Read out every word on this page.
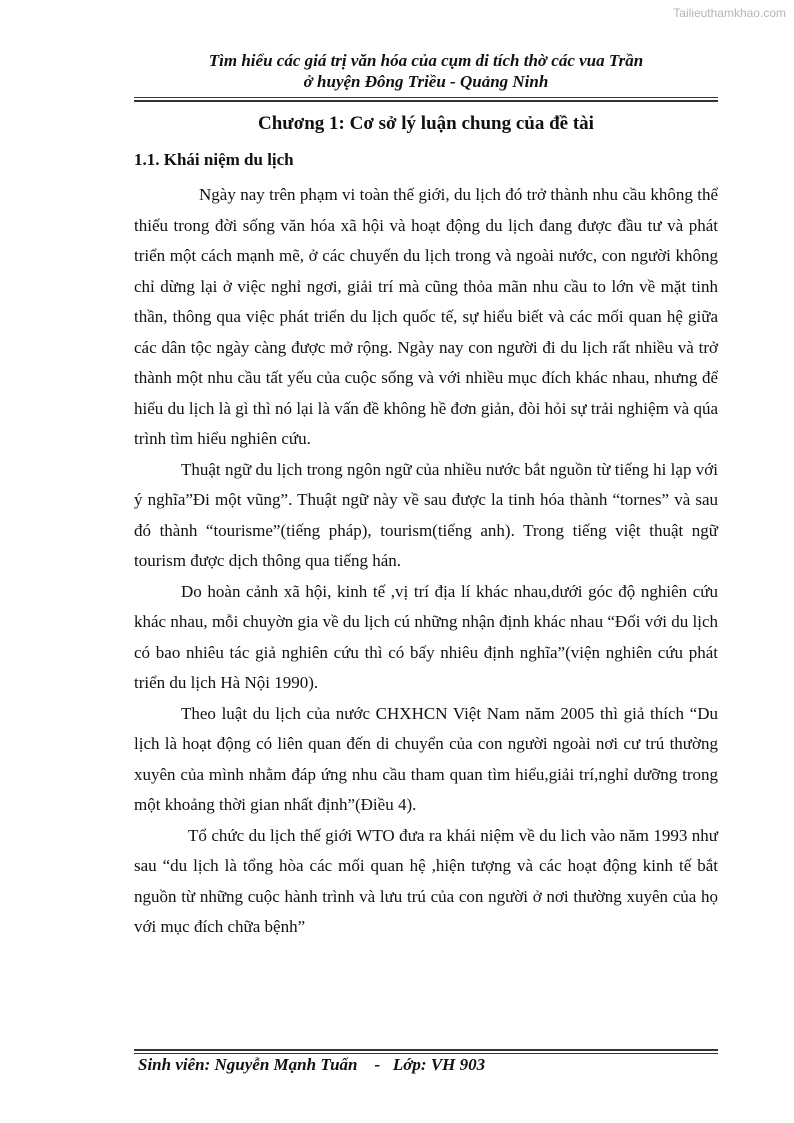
Tailieuthamkhao.com
Tìm hiểu các giá trị văn hóa của cụm di tích thờ các vua Trần
ở huyện Đông Triều - Quảng Ninh
Chương 1: Cơ sở lý luận chung của đề tài
1.1. Khái niệm du lịch

Ngày nay trên phạm vi toàn thế giới, du lịch đó trở thành nhu cầu không thể thiếu trong đời sống văn hóa xã hội và hoạt động du lịch đang được đầu tư và phát triển một cách mạnh mẽ, ở các chuyến du lịch trong và ngoài nước, con người không chỉ dừng lại ở việc nghỉ ngơi, giải trí mà cũng thỏa mãn nhu cầu to lớn về mặt tinh thần, thông qua việc phát triển du lịch quốc tế, sự hiểu biết và các mối quan hệ giữa các dân tộc ngày càng được mở rộng. Ngày nay con người đi du lịch rất nhiều và trở thành một nhu cầu tất yếu của cuộc sống và với nhiều mục đích khác nhau, nhưng để hiểu du lịch là gì thì nó lại là vấn đề không hề đơn giản, đòi hỏi sự trải nghiệm và qúa trình tìm hiểu nghiên cứu.

Thuật ngữ du lịch trong ngôn ngữ của nhiều nước bắt nguồn từ tiếng hi lạp với ý nghĩa”Đi một vũng”. Thuật ngữ này về sau được la tinh hóa thành “tornes” và sau đó thành “tourisme”(tiếng pháp), tourism(tiếng anh). Trong tiếng việt thuật ngữ tourism được dịch thông qua tiếng hán.

Do hoàn cảnh xã hội, kinh tế ,vị trí địa lí khác nhau,dưới góc độ nghiên cứu khác nhau, mỗi chuyờn gia về du lịch cú những nhận định khác nhau “Đối với du lịch có bao nhiêu tác giả nghiên cứu thì có bấy nhiêu định nghĩa”(viện nghiên cứu phát triển du lịch Hà Nội 1990).

Theo luật du lịch của nước CHXHCN Việt Nam năm 2005 thì giả thích “Du lịch là hoạt động có liên quan đến di chuyển của con người ngoài nơi cư trú thường xuyên của mình nhằm đáp ứng nhu cầu tham quan tìm hiểu,giải trí,nghỉ dưỡng trong một khoảng thời gian nhất định”(Điều 4).

Tổ chức du lịch thế giới WTO đưa ra khái niệm về du lich vào năm 1993 như sau “du lịch là tổng hòa các mối quan hệ ,hiện tượng và các hoạt động kinh tế bắt nguồn từ những cuộc hành trình và lưu trú của con người ở nơi thường xuyên của họ với mục đích chữa bệnh”

Sinh viên: Nguyễn Mạnh Tuấn - Lớp: VH 903
